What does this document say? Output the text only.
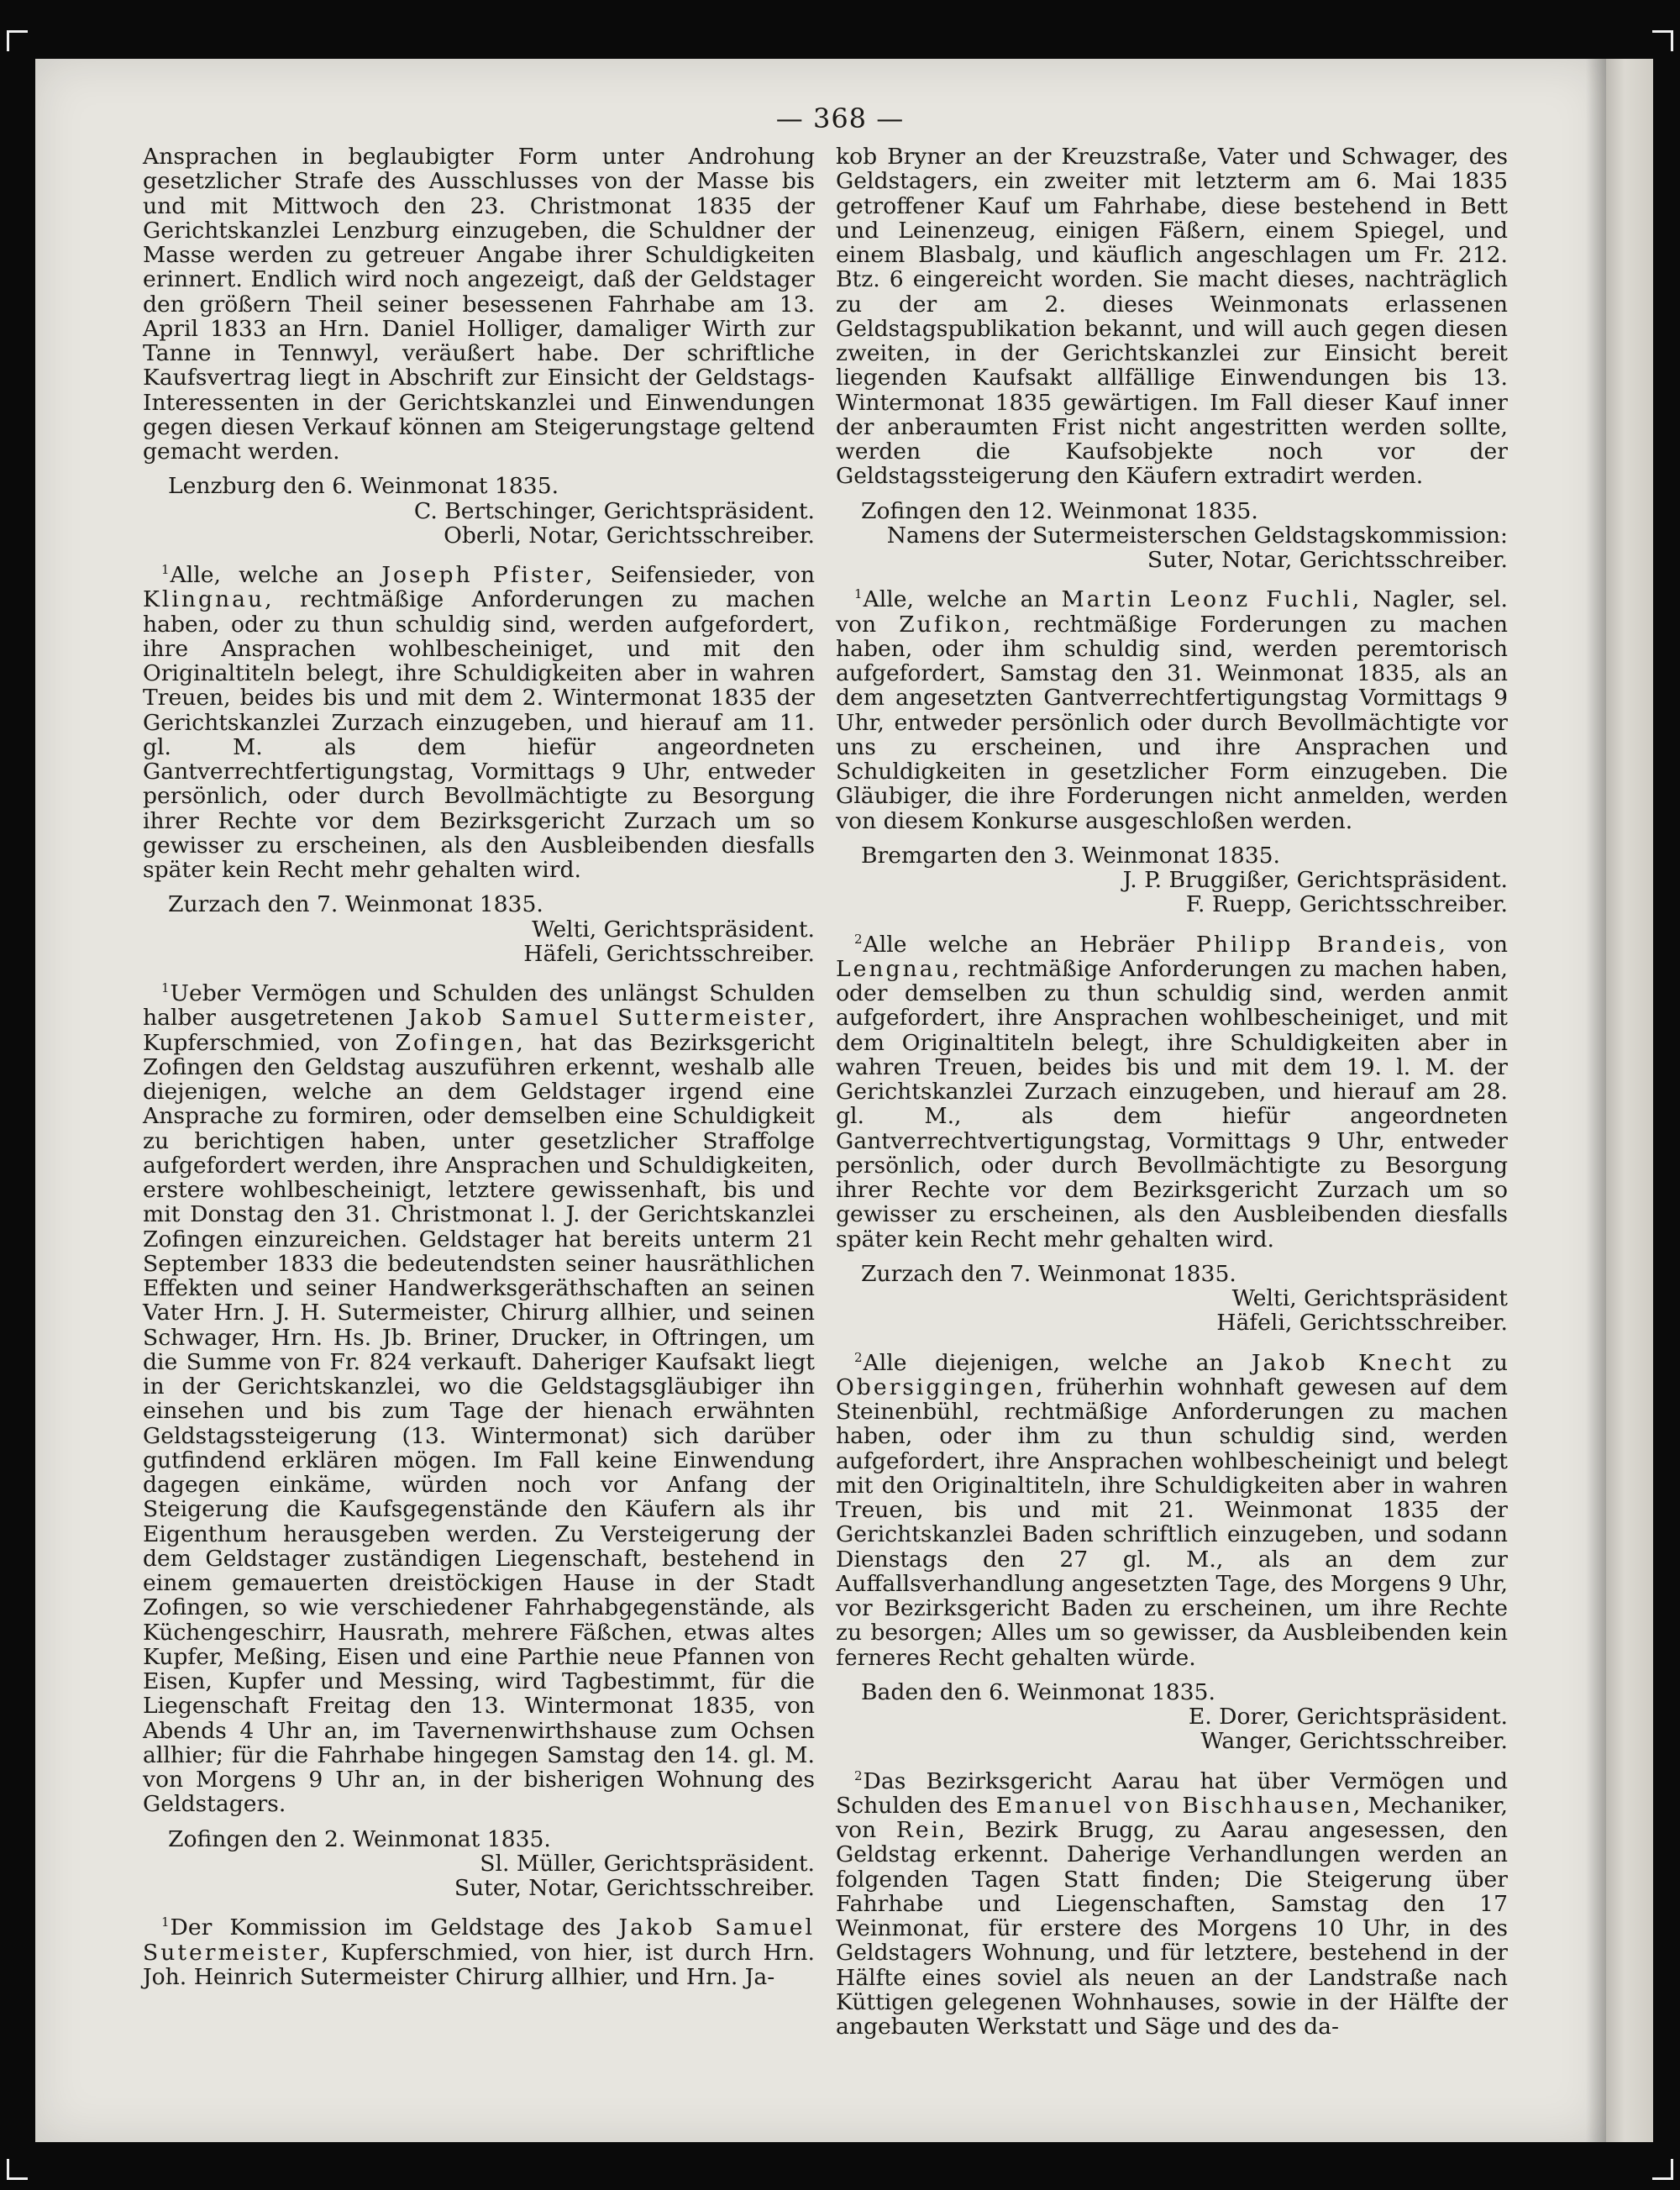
— 368 —

Ansprachen in beglaubigter Form unter Androhung gesetzlicher Strafe des Ausschlusses von der Masse bis und mit Mittwoch den 23. Christmonat 1835 der Gerichtskanzlei Lenzburg einzugeben, die Schuldner der Masse werden zu getreuer Angabe ihrer Schuldigkeiten erinnert. Endlich wird noch angezeigt, daß der Geldstager den größern Theil seiner besessenen Fahrhabe am 13. April 1833 an Hrn. Daniel Holliger, damaliger Wirth zur Tanne in Tennwyl, veräußert habe. Der schriftliche Kaufsvertrag liegt in Abschrift zur Einsicht der Geldstags-Interessenten in der Gerichtskanzlei und Einwendungen gegen diesen Verkauf können am Steigerungstage geltend gemacht werden.

Lenzburg den 6. Weinmonat 1835.

C. Bertschinger, Gerichtspräsident.

Oberli, Notar, Gerichtsschreiber.

$^1$Alle, welche an Joseph Pfister, Seifensieder, von Klingnau, rechtmäßige Anforderungen zu machen haben, oder zu thun schuldig sind, werden aufgefordert, ihre Ansprachen wohlbescheiniget, und mit den Originaltiteln belegt, ihre Schuldigkeiten aber in wahren Treuen, beides bis und mit dem 2. Wintermonat 1835 der Gerichtskanzlei Zurzach einzugeben, und hierauf am 11. gl. M. als dem hiefür angeordneten Gantverrechtfertigungstag, Vormittags 9 Uhr, entweder persönlich, oder durch Bevollmächtigte zu Besorgung ihrer Rechte vor dem Bezirksgericht Zurzach um so gewisser zu erscheinen, als den Ausbleibenden diesfalls später kein Recht mehr gehalten wird.

Zurzach den 7. Weinmonat 1835.

Welti, Gerichtspräsident.

Häfeli, Gerichtsschreiber.

$^1$Ueber Vermögen und Schulden des unlängst Schulden halber ausgetretenen Jakob Samuel Suttermeister, Kupferschmied, von Zofingen, hat das Bezirksgericht Zofingen den Geldstag auszuführen erkennt, weshalb alle diejenigen, welche an dem Geldstager irgend eine Ansprache zu formiren, oder demselben eine Schuldigkeit zu berichtigen haben, unter gesetzlicher Straffolge aufgefordert werden, ihre Ansprachen und Schuldigkeiten, erstere wohlbescheinigt, letztere gewissenhaft, bis und mit Donstag den 31. Christmonat l. J. der Gerichtskanzlei Zofingen einzureichen. Geldstager hat bereits unterm 21 September 1833 die bedeutendsten seiner hausräthlichen Effekten und seiner Handwerksgeräthschaften an seinen Vater Hrn. J. H. Sutermeister, Chirurg allhier, und seinen Schwager, Hrn. Hs. Jb. Briner, Drucker, in Oftringen, um die Summe von Fr. 824 verkauft. Daheriger Kaufsakt liegt in der Gerichtskanzlei, wo die Geldstagsgläubiger ihn einsehen und bis zum Tage der hienach erwähnten Geldstagssteigerung (13. Wintermonat) sich darüber gutfindend erklären mögen. Im Fall keine Einwendung dagegen einkäme, würden noch vor Anfang der Steigerung die Kaufsgegenstände den Käufern als ihr Eigenthum herausgeben werden. Zu Versteigerung der dem Geldstager zuständigen Liegenschaft, bestehend in einem gemauerten dreistöckigen Hause in der Stadt Zofingen, so wie verschiedener Fahrhabgegenstände, als Küchengeschirr, Hausrath, mehrere Fäßchen, etwas altes Kupfer, Meßing, Eisen und eine Parthie neue Pfannen von Eisen, Kupfer und Messing, wird Tagbestimmt, für die Liegenschaft Freitag den 13. Wintermonat 1835, von Abends 4 Uhr an, im Tavernenwirthshause zum Ochsen allhier; für die Fahrhabe hingegen Samstag den 14. gl. M. von Morgens 9 Uhr an, in der bisherigen Wohnung des Geldstagers.

Zofingen den 2. Weinmonat 1835.

Sl. Müller, Gerichtspräsident.

Suter, Notar, Gerichtsschreiber.

$^1$Der Kommission im Geldstage des Jakob Samuel Sutermeister, Kupferschmied, von hier, ist durch Hrn. Joh. Heinrich Sutermeister Chirurg allhier, und Hrn. Ja-

kob Bryner an der Kreuzstraße, Vater und Schwager, des Geldstagers, ein zweiter mit letzterm am 6. Mai 1835 getroffener Kauf um Fahrhabe, diese bestehend in Bett und Leinenzeug, einigen Fäßern, einem Spiegel, und einem Blasbalg, und käuflich angeschlagen um Fr. 212. Btz. 6 eingereicht worden. Sie macht dieses, nachträglich zu der am 2. dieses Weinmonats erlassenen Geldstagspublikation bekannt, und will auch gegen diesen zweiten, in der Gerichtskanzlei zur Einsicht bereit liegenden Kaufsakt allfällige Einwendungen bis 13. Wintermonat 1835 gewärtigen. Im Fall dieser Kauf inner der anberaumten Frist nicht angestritten werden sollte, werden die Kaufsobjekte noch vor der Geldstagssteigerung den Käufern extradirt werden.

Zofingen den 12. Weinmonat 1835.

Namens der Sutermeisterschen Geldstagskommission:

Suter, Notar, Gerichtsschreiber.

$^1$Alle, welche an Martin Leonz Fuchli, Nagler, sel. von Zufikon, rechtmäßige Forderungen zu machen haben, oder ihm schuldig sind, werden peremtorisch aufgefordert, Samstag den 31. Weinmonat 1835, als an dem angesetzten Gantverrechtfertigungstag Vormittags 9 Uhr, entweder persönlich oder durch Bevollmächtigte vor uns zu erscheinen, und ihre Ansprachen und Schuldigkeiten in gesetzlicher Form einzugeben. Die Gläubiger, die ihre Forderungen nicht anmelden, werden von diesem Konkurse ausgeschloßen werden.

Bremgarten den 3. Weinmonat 1835.

J. P. Bruggißer, Gerichtspräsident.

F. Ruepp, Gerichtsschreiber.

$^2$Alle welche an Hebräer Philipp Brandeis, von Lengnau, rechtmäßige Anforderungen zu machen haben, oder demselben zu thun schuldig sind, werden anmit aufgefordert, ihre Ansprachen wohlbescheiniget, und mit dem Originaltiteln belegt, ihre Schuldigkeiten aber in wahren Treuen, beides bis und mit dem 19. l. M. der Gerichtskanzlei Zurzach einzugeben, und hierauf am 28. gl. M., als dem hiefür angeordneten Gantverrechtvertigungstag, Vormittags 9 Uhr, entweder persönlich, oder durch Bevollmächtigte zu Besorgung ihrer Rechte vor dem Bezirksgericht Zurzach um so gewisser zu erscheinen, als den Ausbleibenden diesfalls später kein Recht mehr gehalten wird.

Zurzach den 7. Weinmonat 1835.

Welti, Gerichtspräsident

Häfeli, Gerichtsschreiber.

$^2$Alle diejenigen, welche an Jakob Knecht zu Obersiggingen, früherhin wohnhaft gewesen auf dem Steinenbühl, rechtmäßige Anforderungen zu machen haben, oder ihm zu thun schuldig sind, werden aufgefordert, ihre Ansprachen wohlbescheinigt und belegt mit den Originaltiteln, ihre Schuldigkeiten aber in wahren Treuen, bis und mit 21. Weinmonat 1835 der Gerichtskanzlei Baden schriftlich einzugeben, und sodann Dienstags den 27 gl. M., als an dem zur Auffallsverhandlung angesetzten Tage, des Morgens 9 Uhr, vor Bezirksgericht Baden zu erscheinen, um ihre Rechte zu besorgen; Alles um so gewisser, da Ausbleibenden kein ferneres Recht gehalten würde.

Baden den 6. Weinmonat 1835.

E. Dorer, Gerichtspräsident.

Wanger, Gerichtsschreiber.

$^2$Das Bezirksgericht Aarau hat über Vermögen und Schulden des Emanuel von Bischhausen, Mechaniker, von Rein, Bezirk Brugg, zu Aarau angesessen, den Geldstag erkennt. Daherige Verhandlungen werden an folgenden Tagen Statt finden; Die Steigerung über Fahrhabe und Liegenschaften, Samstag den 17 Weinmonat, für erstere des Morgens 10 Uhr, in des Geldstagers Wohnung, und für letztere, bestehend in der Hälfte eines soviel als neuen an der Landstraße nach Küttigen gelegenen Wohnhauses, sowie in der Hälfte der angebauten Werkstatt und Säge und des da-
